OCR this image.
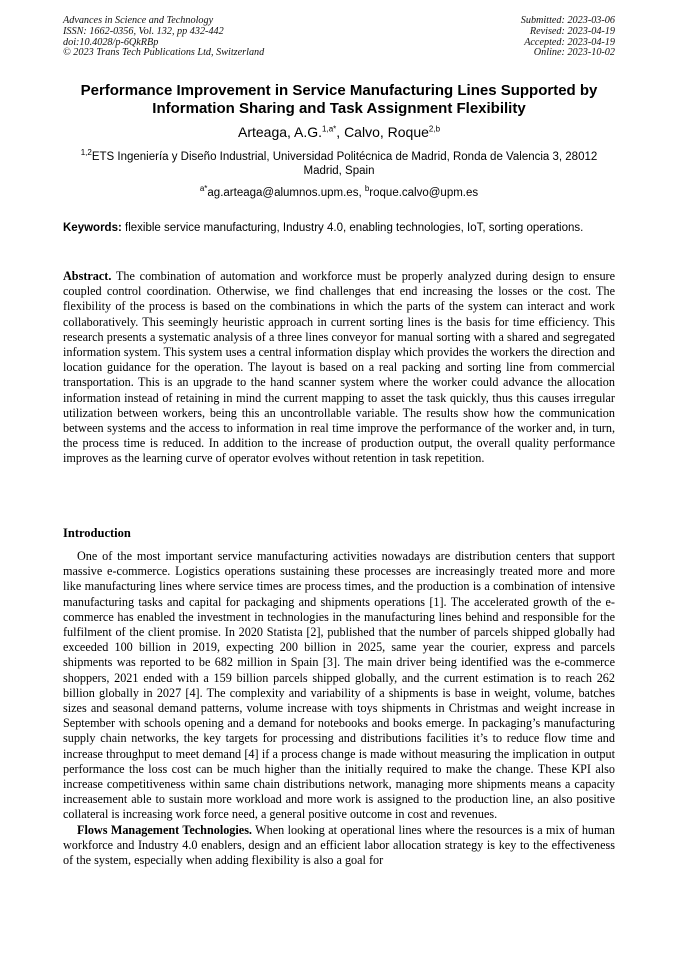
Advances in Science and Technology
ISSN: 1662-0356, Vol. 132, pp 432-442
doi:10.4028/p-6QkRBp
© 2023 Trans Tech Publications Ltd, Switzerland
Submitted: 2023-03-06
Revised: 2023-04-19
Accepted: 2023-04-19
Online: 2023-10-02
Performance Improvement in Service Manufacturing Lines Supported by Information Sharing and Task Assignment Flexibility
Arteaga, A.G.$^{1,a*}$, Calvo, Roque$^{2,b}$
$^{1,2}$ETS Ingeniería y Diseño Industrial, Universidad Politécnica de Madrid, Ronda de Valencia 3, 28012 Madrid, Spain
$^{a*}$ag.arteaga@alumnos.upm.es, $^b$roque.calvo@upm.es
Keywords: flexible service manufacturing, Industry 4.0, enabling technologies, IoT, sorting operations.
Abstract. The combination of automation and workforce must be properly analyzed during design to ensure coupled control coordination. Otherwise, we find challenges that end increasing the losses or the cost. The flexibility of the process is based on the combinations in which the parts of the system can interact and work collaboratively. This seemingly heuristic approach in current sorting lines is the basis for time efficiency. This research presents a systematic analysis of a three lines conveyor for manual sorting with a shared and segregated information system. This system uses a central information display which provides the workers the direction and location guidance for the operation. The layout is based on a real packing and sorting line from commercial transportation. This is an upgrade to the hand scanner system where the worker could advance the allocation information instead of retaining in mind the current mapping to asset the task quickly, thus this causes irregular utilization between workers, being this an uncontrollable variable. The results show how the communication between systems and the access to information in real time improve the performance of the worker and, in turn, the process time is reduced. In addition to the increase of production output, the overall quality performance improves as the learning curve of operator evolves without retention in task repetition.
Introduction

One of the most important service manufacturing activities nowadays are distribution centers that support massive e-commerce. Logistics operations sustaining these processes are increasingly treated more and more like manufacturing lines where service times are process times, and the production is a combination of intensive manufacturing tasks and capital for packaging and shipments operations [1]. The accelerated growth of the e-commerce has enabled the investment in technologies in the manufacturing lines behind and responsible for the fulfilment of the client promise. In 2020 Statista [2], published that the number of parcels shipped globally had exceeded 100 billion in 2019, expecting 200 billion in 2025, same year the courier, express and parcels shipments was reported to be 682 million in Spain [3]. The main driver being identified was the e-commerce shoppers, 2021 ended with a 159 billion parcels shipped globally, and the current estimation is to reach 262 billion globally in 2027 [4]. The complexity and variability of a shipments is base in weight, volume, batches sizes and seasonal demand patterns, volume increase with toys shipments in Christmas and weight increase in September with schools opening and a demand for notebooks and books emerge. In packaging’s manufacturing supply chain networks, the key targets for processing and distributions facilities it’s to reduce flow time and increase throughput to meet demand [4] if a process change is made without measuring the implication in output performance the loss cost can be much higher than the initially required to make the change. These KPI also increase competitiveness within same chain distributions network, managing more shipments means a capacity increasement able to sustain more workload and more work is assigned to the production line, an also positive collateral is increasing work force need, a general positive outcome in cost and revenues.

Flows Management Technologies. When looking at operational lines where the resources is a mix of human workforce and Industry 4.0 enablers, design and an efficient labor allocation strategy is key to the effectiveness of the system, especially when adding flexibility is also a goal for
